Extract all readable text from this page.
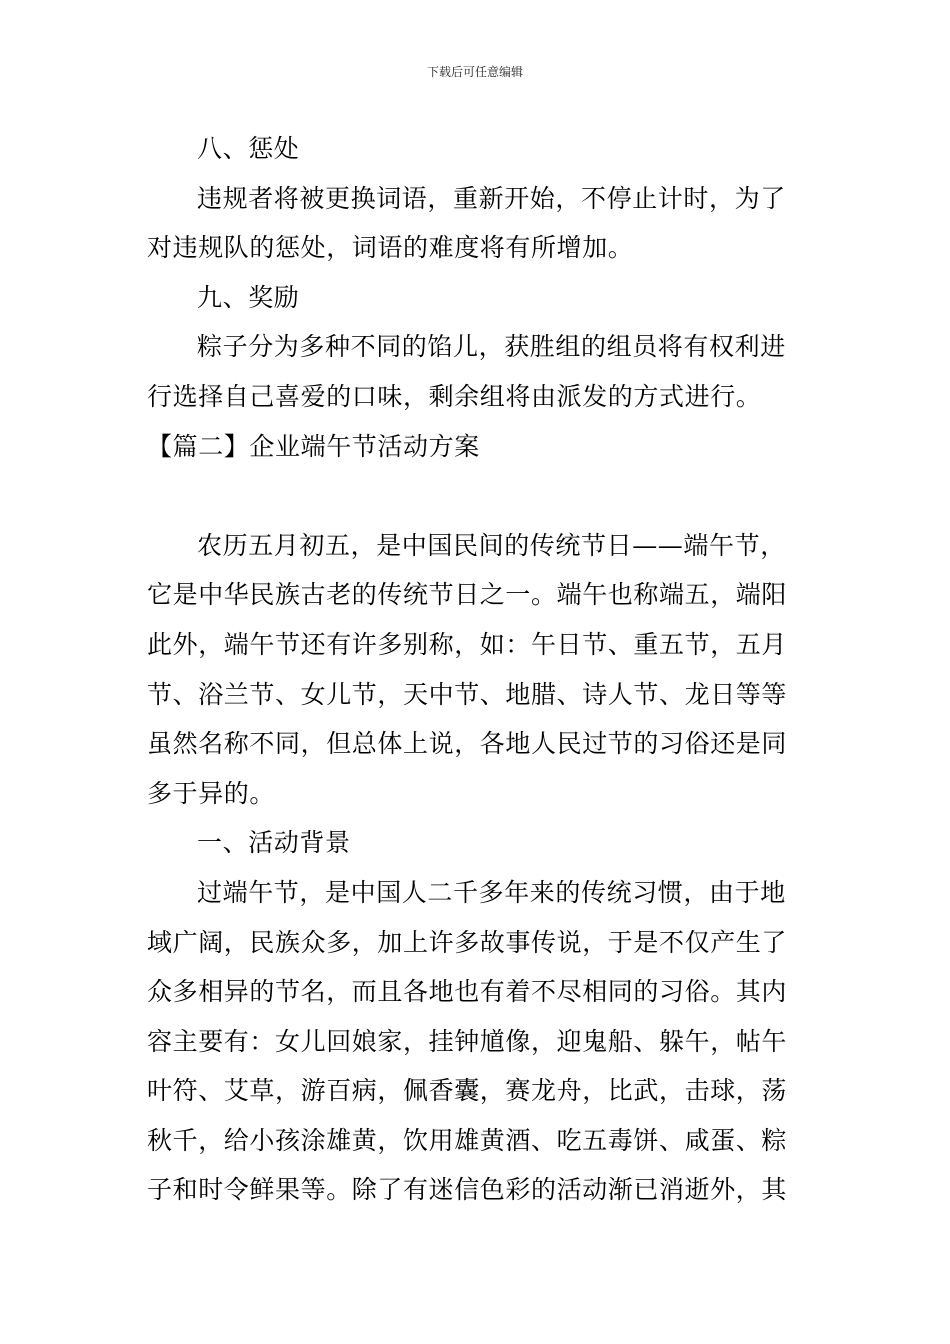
下载后可任意编辑
八、惩处
违规者将被更换词语，重新开始，不停止计时，为了
对违规队的惩处，词语的难度将有所增加。
九、奖励
粽子分为多种不同的馅儿，获胜组的组员将有权利进
行选择自己喜爱的口味，剩余组将由派发的方式进行。
【篇二】企业端午节活动方案
农历五月初五，是中国民间的传统节日——端午节，
它是中华民族古老的传统节日之一。端午也称端五，端阳
此外，端午节还有许多别称，如：午日节、重五节，五月
节、浴兰节、女儿节，天中节、地腊、诗人节、龙日等等
虽然名称不同，但总体上说，各地人民过节的习俗还是同
多于异的。
一、活动背景
过端午节，是中国人二千多年来的传统习惯，由于地
域广阔，民族众多，加上许多故事传说，于是不仅产生了
众多相异的节名，而且各地也有着不尽相同的习俗。其内
容主要有：女儿回娘家，挂钟馗像，迎鬼船、躲午，帖午
叶符、艾草，游百病，佩香囊，赛龙舟，比武，击球，荡
秋千，给小孩涂雄黄，饮用雄黄酒、吃五毒饼、咸蛋、粽
子和时令鲜果等。除了有迷信色彩的活动渐已消逝外，其
